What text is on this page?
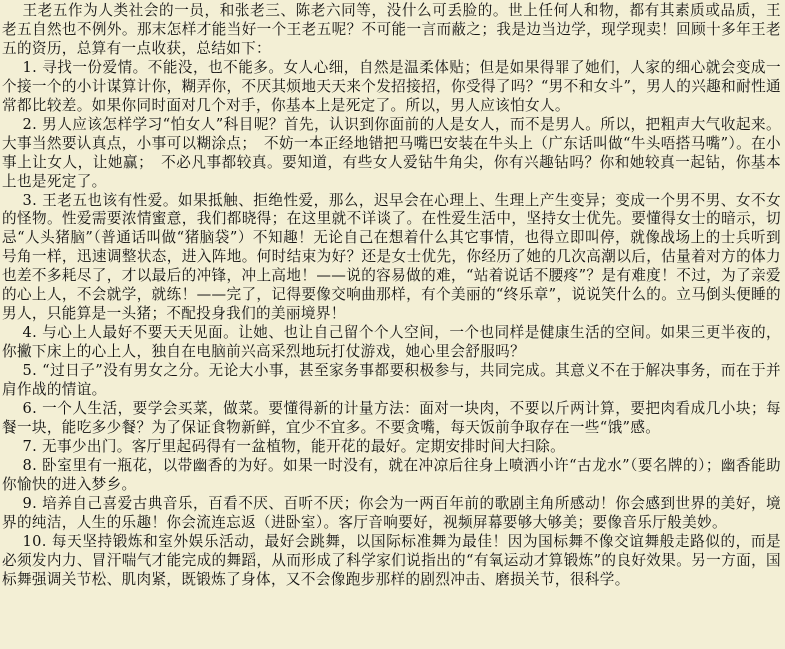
王老五作为人类社会的一员，和张老三、陈老六同等，没什么可丢脸的。世上任何人和物，都有其素质或品质，王老五自然也不例外。那末怎样才能当好一个王老五呢？不可能一言而蔽之；我是边当边学，现学现卖！回顾十多年王老五的资历，总算有一点收获，总结如下：

1. 寻找一份爱情。不能没，也不能多。女人心细，自然是温柔体贴；但是如果得罪了她们，人家的细心就会变成一个接一个的小计谋算计你，糊弄你，不厌其烦地天天来个发招接招，你受得了吗？“男不和女斗”，男人的兴趣和耐性通常都比较差。如果你同时面对几个对手，你基本上是死定了。所以，男人应该怕女人。

2. 男人应该怎样学习“怕女人”科目呢？首先，认识到你面前的人是女人，而不是男人。所以，把粗声大气收起来。大事当然要认真点，小事可以糊涂点；　不妨一本正经地错把马嘴巴安装在牛头上（广东话叫做“牛头唔搭马嘴”）。在小事上让女人，让她赢；　不必凡事都较真。要知道，有些女人爱钻牛角尖，你有兴趣钻吗？你和她较真一起钻，你基本上也是死定了。

3. 王老五也该有性爱。如果抵触、拒绝性爱，那么，迟早会在心理上、生理上产生变异；变成一个男不男、女不女的怪物。性爱需要浓情蜜意，我们都晓得；在这里就不详谈了。在性爱生活中，坚持女士优先。要懂得女士的暗示，切忌“人头猪脑”（普通话叫做“猪脑袋”）不知趣！无论自己在想着什么其它事情，也得立即叫停，就像战场上的士兵听到号角一样，迅速调整状态，进入阵地。何时结束为好？还是女士优先，你经历了她的几次高潮以后，估量着对方的体力也差不多耗尽了，才以最后的冲锋，冲上高地！——说的容易做的难，“站着说话不腰疼”？是有难度！不过，为了亲爱的心上人，不会就学，就练！——完了，记得要像交响曲那样，有个美丽的“终乐章”，说说笑什么的。立马倒头便睡的男人，只能算是一头猪；不配投身我们的美丽境界！

4. 与心上人最好不要天天见面。让她、也让自己留个个人空间，一个也同样是健康生活的空间。如果三更半夜的，你撇下床上的心上人，独自在电脑前兴高采烈地玩打仗游戏，她心里会舒服吗？

5. “过日子”没有男女之分。无论大小事，甚至家务事都要积极参与，共同完成。其意义不在于解决事务，而在于并肩作战的情谊。

6. 一个人生活，要学会买菜，做菜。要懂得新的计量方法：面对一块肉，不要以斤两计算，要把肉看成几小块；每餐一块，能吃多少餐？为了保证食物新鲜，宜少不宜多。不要贪嘴，每天饭前争取存在一些“饿”感。

7. 无事少出门。客厅里起码得有一盆植物，能开花的最好。定期安排时间大扫除。

8. 卧室里有一瓶花，以带幽香的为好。如果一时没有，就在冲凉后往身上喷洒小许“古龙水”（要名牌的）；幽香能助你愉快的进入梦乡。

9. 培养自己喜爱古典音乐，百看不厌、百听不厌；你会为一两百年前的歌剧主角所感动！你会感到世界的美好，境界的纯洁，人生的乐趣！你会流连忘返（进卧室）。客厅音响要好，视频屏幕要够大够美；要像音乐厅般美妙。

10. 每天坚持锻炼和室外娱乐活动，最好会跳舞，以国际标准舞为最佳！因为国标舞不像交谊舞般走路似的，而是必须发内力、冒汗喘气才能完成的舞蹈，从而形成了科学家们说指出的“有氧运动才算锻炼”的良好效果。另一方面，国标舞强调关节松、肌肉紧，既锻炼了身体，又不会像跑步那样的剧烈冲击、磨损关节，很科学。
